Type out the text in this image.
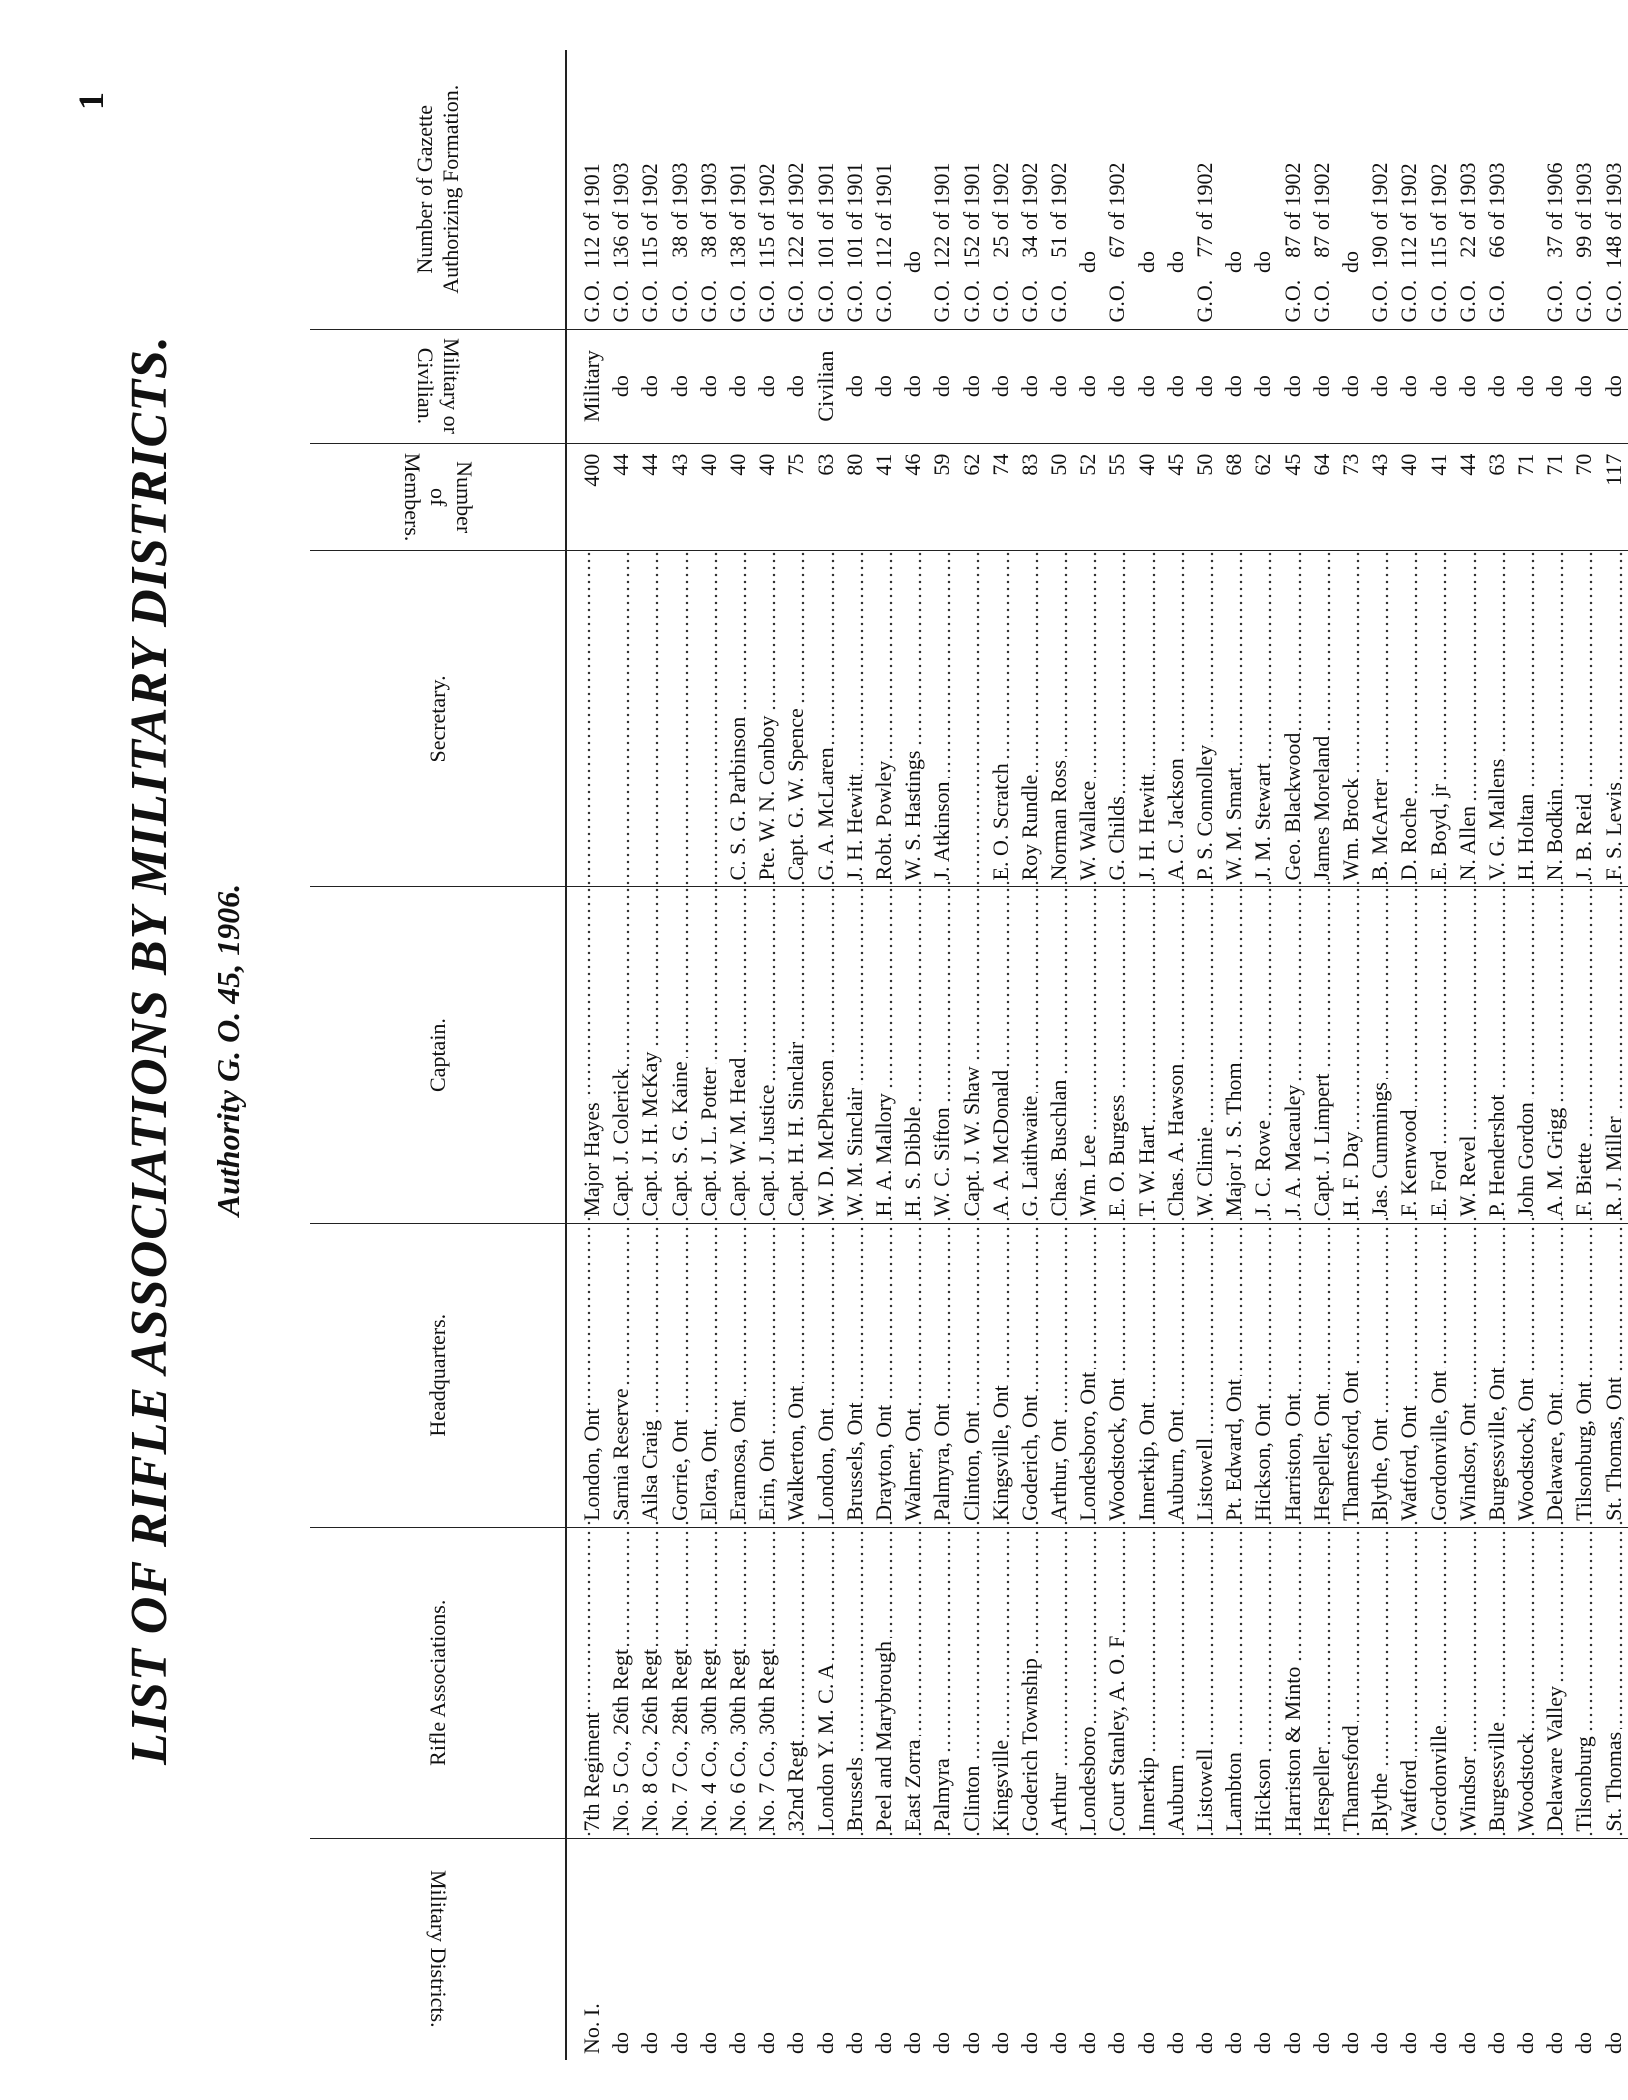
1
LIST OF RIFLE ASSOCIATIONS BY MILITARY DISTRICTS. Authority G. O. 45, 1906.
Military Districts.	Rifle Associations.	Headquarters.	Captain.	Secretary.	Number of Members.	Military or Civilian.	Number of Gazette Authorizing Formation.
No. I.	7th Regiment	London, Ont	Major Hayes		400	Military	G.O.  112 of 1901
do	No. 5 Co., 26th Regt	Sarnia Reserve	Capt. J. Colerick		44	do	G.O.  136 of 1903
do	No. 8 Co., 26th Regt	Ailsa Craig	Capt. J. H. McKay		44	do	G.O.  115 of 1902
do	No. 7 Co., 28th Regt	Gorrie, Ont	Capt. S. G. Kaine		43	do	G.O.    38 of 1903
do	No. 4 Co., 30th Regt	Elora, Ont	Capt. J. L. Potter		40	do	G.O.    38 of 1903
do	No. 6 Co., 30th Regt	Eramosa, Ont	Capt. W. M. Head	C. S. G. Parbinson	40	do	G.O.  138 of 1901
do	No. 7 Co., 30th Regt	Erin, Ont	Capt. J. Justice	Pte. W. N. Conboy	40	do	G.O.  115 of 1902
do	32nd Regt	Walkerton, Ont	Capt. H. H. Sinclair	Capt. G. W. Spence	75	do	G.O.  122 of 1902
do	London Y. M. C. A	London, Ont	W. D. McPherson	G. A. McLaren	63	Civilian	G.O.  101 of 1901
do	Brussels	Brussels, Ont	W. M. Sinclair	J. H. Hewitt	80	do	G.O.  101 of 1901
do	Peel and Marybrough	Drayton, Ont	H. A. Mallory	Robt. Powley	41	do	G.O.  112 of 1901
do	East Zorra	Walmer, Ont	H. S. Dibble	W. S. Hastings	46	do	do
do	Palmyra	Palmyra, Ont	W. C. Sifton	J. Atkinson	59	do	G.O.  122 of 1901
do	Clinton	Clinton, Ont	Capt. J. W. Shaw		62	do	G.O.  152 of 1901
do	Kingsville	Kingsville, Ont	A. A. McDonald	E. O. Scratch	74	do	G.O.    25 of 1902
do	Goderich Township	Goderich, Ont	G. Laithwaite	Roy Rundle	83	do	G.O.    34 of 1902
do	Arthur	Arthur, Ont	Chas. Buschlan	Norman Ross	50	do	G.O.    51 of 1902
do	Londesboro	Londesboro, Ont	Wm. Lee	W. Wallace	52	do	do
do	Court Stanley, A. O. F	Woodstock, Ont	E. O. Burgess	G. Childs	55	do	G.O.    67 of 1902
do	Innerkip	Innerkip, Ont	T. W. Hart	J. H. Hewitt	40	do	do
do	Auburn	Auburn, Ont	Chas. A. Hawson	A. C. Jackson	45	do	do
do	Listowell	Listowell	W. Climie	P. S. Connolley	50	do	G.O.    77 of 1902
do	Lambton	Pt. Edward, Ont	Major J. S. Thom	W. M. Smart	68	do	do
do	Hickson	Hickson, Ont	J. C. Rowe	J. M. Stewart	62	do	do
do	Harriston & Minto	Harriston, Ont	J. A. Macauley	Geo. Blackwood	45	do	G.O.    87 of 1902
do	Hespeller	Hespeller, Ont	Capt. J. Limpert	James Moreland	64	do	G.O.    87 of 1902
do	Thamesford	Thamesford, Ont	H. F. Day	Wm. Brock	73	do	do
do	Blythe	Blythe, Ont	Jas. Cummings	B. McArter	43	do	G.O.  190 of 1902
do	Watford	Watford, Ont	F. Kenwood	D. Roche	40	do	G.O.  112 of 1902
do	Gordonville	Gordonville, Ont	E. Ford	E. Boyd, jr	41	do	G.O.  115 of 1902
do	Windsor	Windsor, Ont	W. Revel	N. Allen	44	do	G.O.    22 of 1903
do	Burgessville	Burgessville, Ont	P. Hendershot	V. G. Mallens	63	do	G.O.    66 of 1903
do	Woodstock	Woodstock, Ont	John Gordon	H. Holtan	71	do	
do	Delaware Valley	Delaware, Ont	A. M. Grigg	N. Bodkin	71	do	G.O.    37 of 1906
do	Tilsonburg	Tilsonburg, Ont	F. Biette	J. B. Reid	70	do	G.O.    99 of 1903
do	St. Thomas	St. Thomas, Ont	R. J. Miller	F. S. Lewis	117	do	G.O.  148 of 1903
